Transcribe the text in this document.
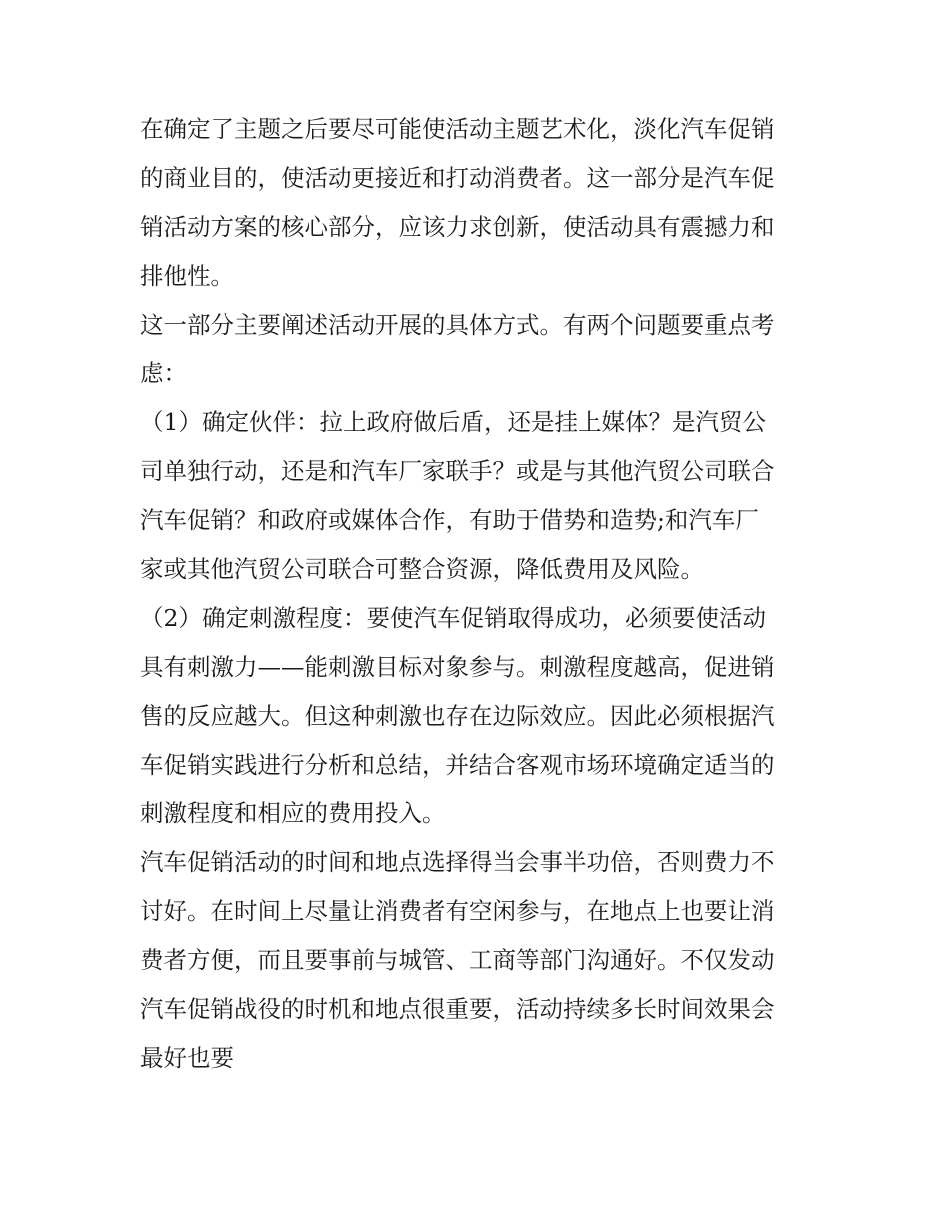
在确定了主题之后要尽可能使活动主题艺术化，淡化汽车促销
的商业目的，使活动更接近和打动消费者。这一部分是汽车促
销活动方案的核心部分，应该力求创新，使活动具有震撼力和
排他性。
这一部分主要阐述活动开展的具体方式。有两个问题要重点考
虑：
（1）确定伙伴：拉上政府做后盾，还是挂上媒体？是汽贸公
司单独行动，还是和汽车厂家联手？或是与其他汽贸公司联合
汽车促销？和政府或媒体合作，有助于借势和造势;和汽车厂
家或其他汽贸公司联合可整合资源，降低费用及风险。
（2）确定刺激程度：要使汽车促销取得成功，必须要使活动
具有刺激力——能刺激目标对象参与。刺激程度越高，促进销
售的反应越大。但这种刺激也存在边际效应。因此必须根据汽
车促销实践进行分析和总结，并结合客观市场环境确定适当的
刺激程度和相应的费用投入。
汽车促销活动的时间和地点选择得当会事半功倍，否则费力不
讨好。在时间上尽量让消费者有空闲参与，在地点上也要让消
费者方便，而且要事前与城管、工商等部门沟通好。不仅发动
汽车促销战役的时机和地点很重要，活动持续多长时间效果会
最好也要
